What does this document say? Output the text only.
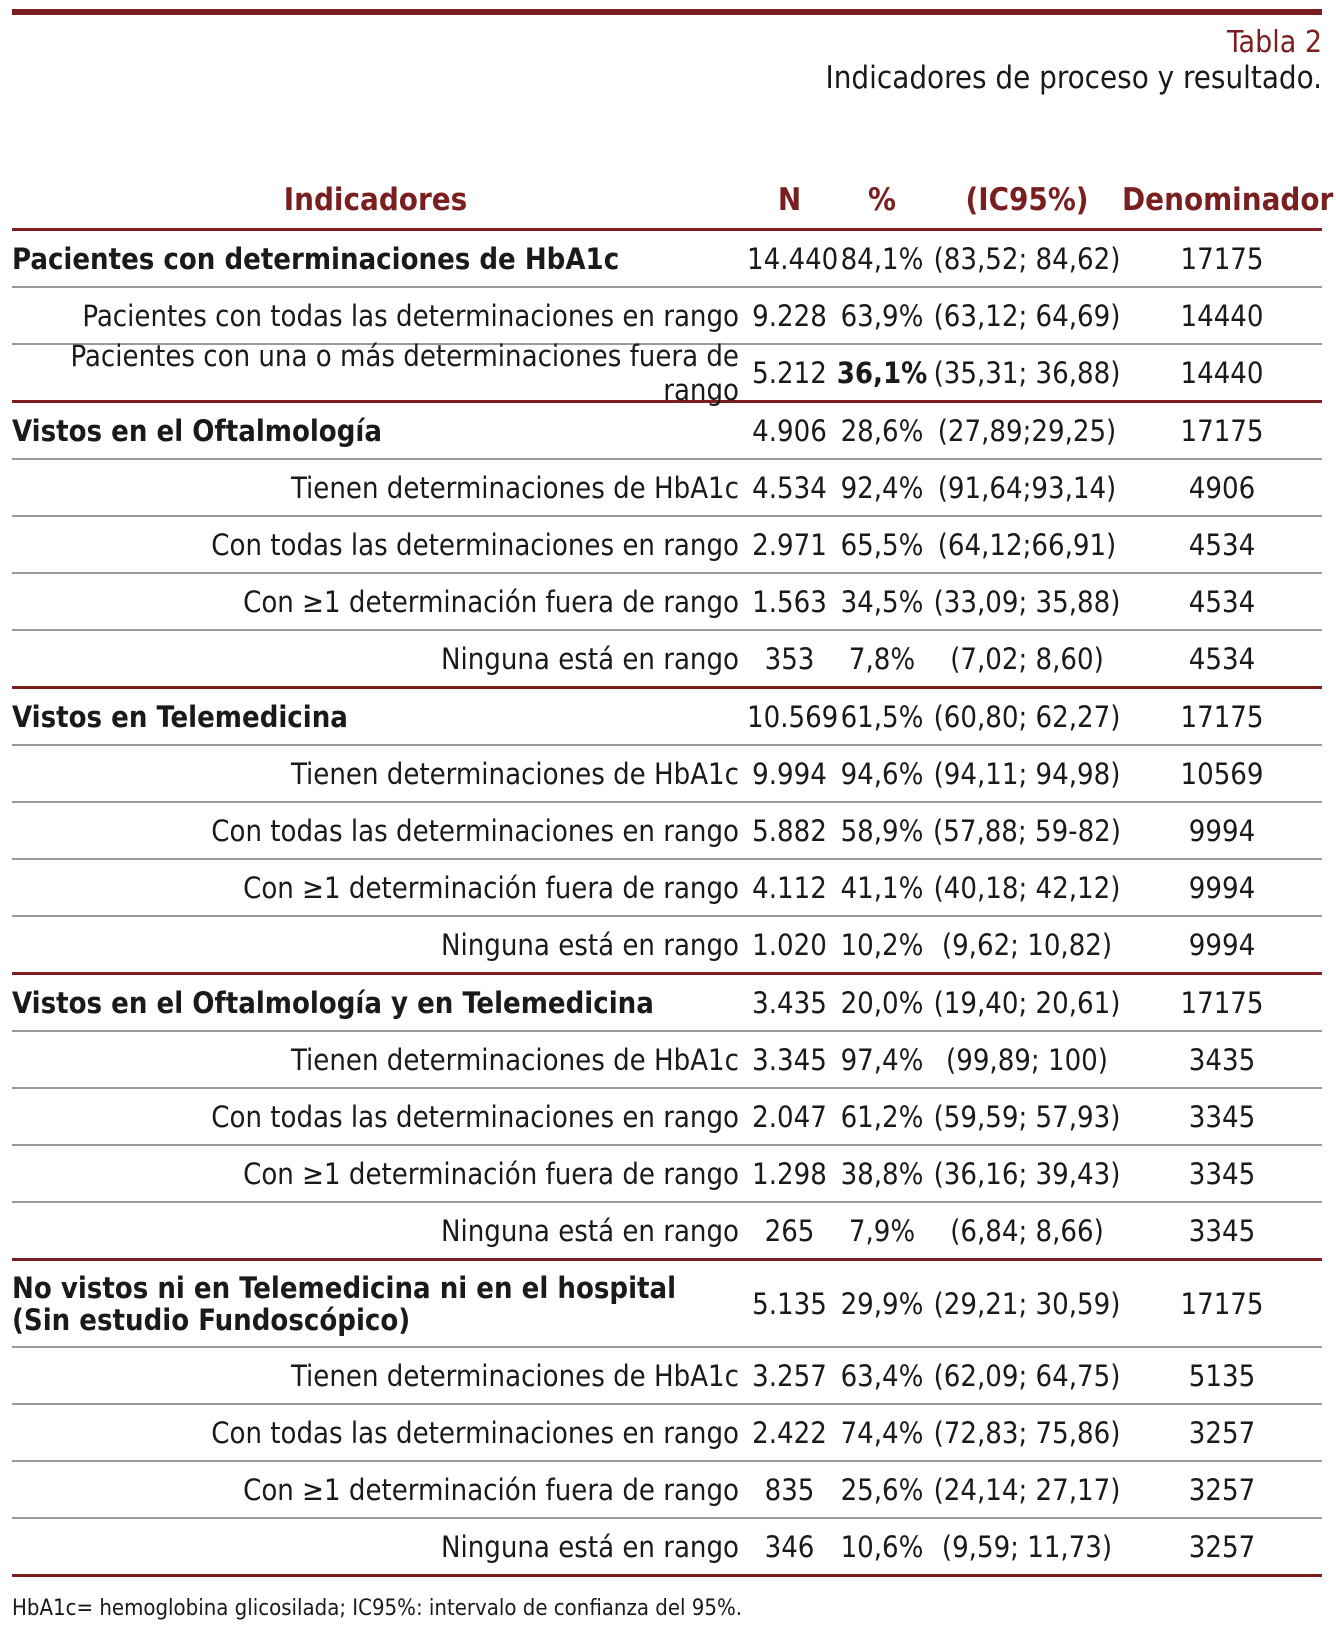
Tabla 2
Indicadores de proceso y resultado.
Indicadores	N	%	(IC95%)	Denominador
Pacientes con determinaciones de HbA1c	14.440 84,1% (83,52; 84,62)	17175
Pacientes con todas las determinaciones en rango 9.228 63,9% (63,12; 64,69)	14440
Pacientes con una o más determinaciones fuera de rango 5.212 36,1% (35,31; 36,88)	14440
Vistos en el Oftalmología	4.906 28,6% (27,89;29,25)	17175
Tienen determinaciones de HbA1c 4.534 92,4% (91,64;93,14)	4906
Con todas las determinaciones en rango 2.971 65,5% (64,12;66,91)	4534
Con ≥1 determinación fuera de rango 1.563 34,5% (33,09; 35,88)	4534
Ninguna está en rango 353	7,8%	(7,02; 8,60)	4534
Vistos en Telemedicina	10.569 61,5% (60,80; 62,27)	17175
Tienen determinaciones de HbA1c 9.994 94,6% (94,11; 94,98)	10569
Con todas las determinaciones en rango 5.882 58,9% (57,88; 59-82)	9994
Con ≥1 determinación fuera de rango 4.112 41,1% (40,18; 42,12)	9994
Ninguna está en rango 1.020 10,2% (9,62; 10,82)	9994
Vistos en el Oftalmología y en Telemedicina	3.435 20,0% (19,40; 20,61)	17175
Tienen determinaciones de HbA1c 3.345 97,4% (99,89; 100)	3435
Con todas las determinaciones en rango 2.047 61,2% (59,59; 57,93)	3345
Con ≥1 determinación fuera de rango 1.298 38,8% (36,16; 39,43)	3345
Ninguna está en rango 265	7,9%	(6,84; 8,66)	3345
No vistos ni en Telemedicina ni en el hospital
(Sin estudio Fundoscópico)	5.135 29,9% (29,21; 30,59)	17175
Tienen determinaciones de HbA1c 3.257 63,4% (62,09; 64,75)	5135
Con todas las determinaciones en rango 2.422 74,4% (72,83; 75,86)	3257
Con ≥1 determinación fuera de rango 835 25,6% (24,14; 27,17)	3257
Ninguna está en rango 346 10,6% (9,59; 11,73)	3257
HbA1c= hemoglobina glicosilada; IC95%: intervalo de confianza del 95%.
